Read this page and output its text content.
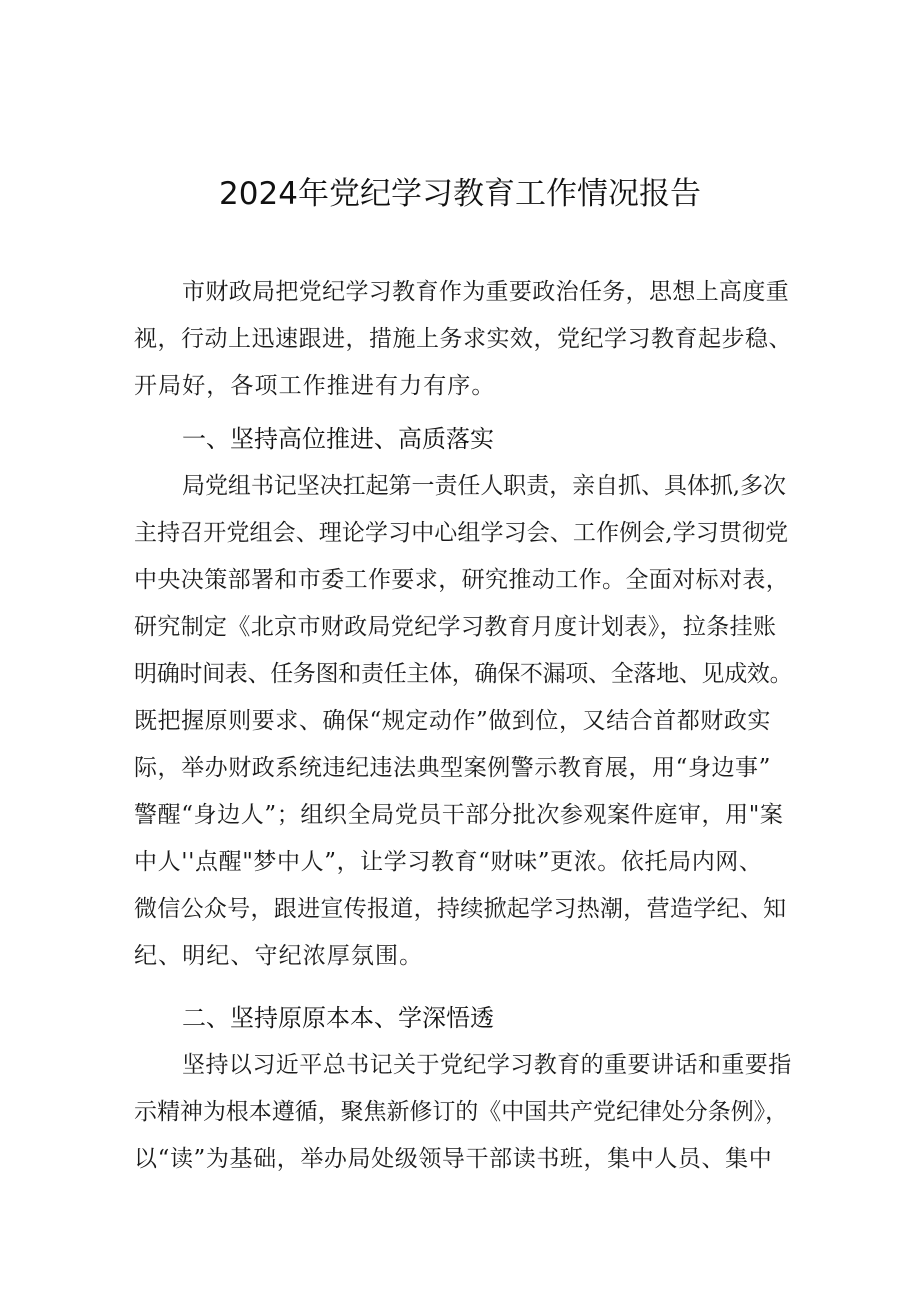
2024年党纪学习教育工作情况报告
市财政局把党纪学习教育作为重要政治任务，思想上高度重
视，行动上迅速跟进，措施上务求实效，党纪学习教育起步稳、
开局好，各项工作推进有力有序。
一、坚持高位推进、高质落实
局党组书记坚决扛起第一责任人职责，亲自抓、具体抓,多次
主持召开党组会、理论学习中心组学习会、工作例会,学习贯彻党
中央决策部署和市委工作要求，研究推动工作。全面对标对表，
研究制定《北京市财政局党纪学习教育月度计划表》，拉条挂账
明确时间表、任务图和责任主体，确保不漏项、全落地、见成效。
既把握原则要求、确保“规定动作”做到位，又结合首都财政实
际，举办财政系统违纪违法典型案例警示教育展，用“身边事”
警醒“身边人”；组织全局党员干部分批次参观案件庭审，用"案
中人''点醒"梦中人”，让学习教育“财味”更浓。依托局内网、
微信公众号，跟进宣传报道，持续掀起学习热潮，营造学纪、知
纪、明纪、守纪浓厚氛围。
二、坚持原原本本、学深悟透
坚持以习近平总书记关于党纪学习教育的重要讲话和重要指
示精神为根本遵循，聚焦新修订的《中国共产党纪律处分条例》，
以“读”为基础，举办局处级领导干部读书班，集中人员、集中
